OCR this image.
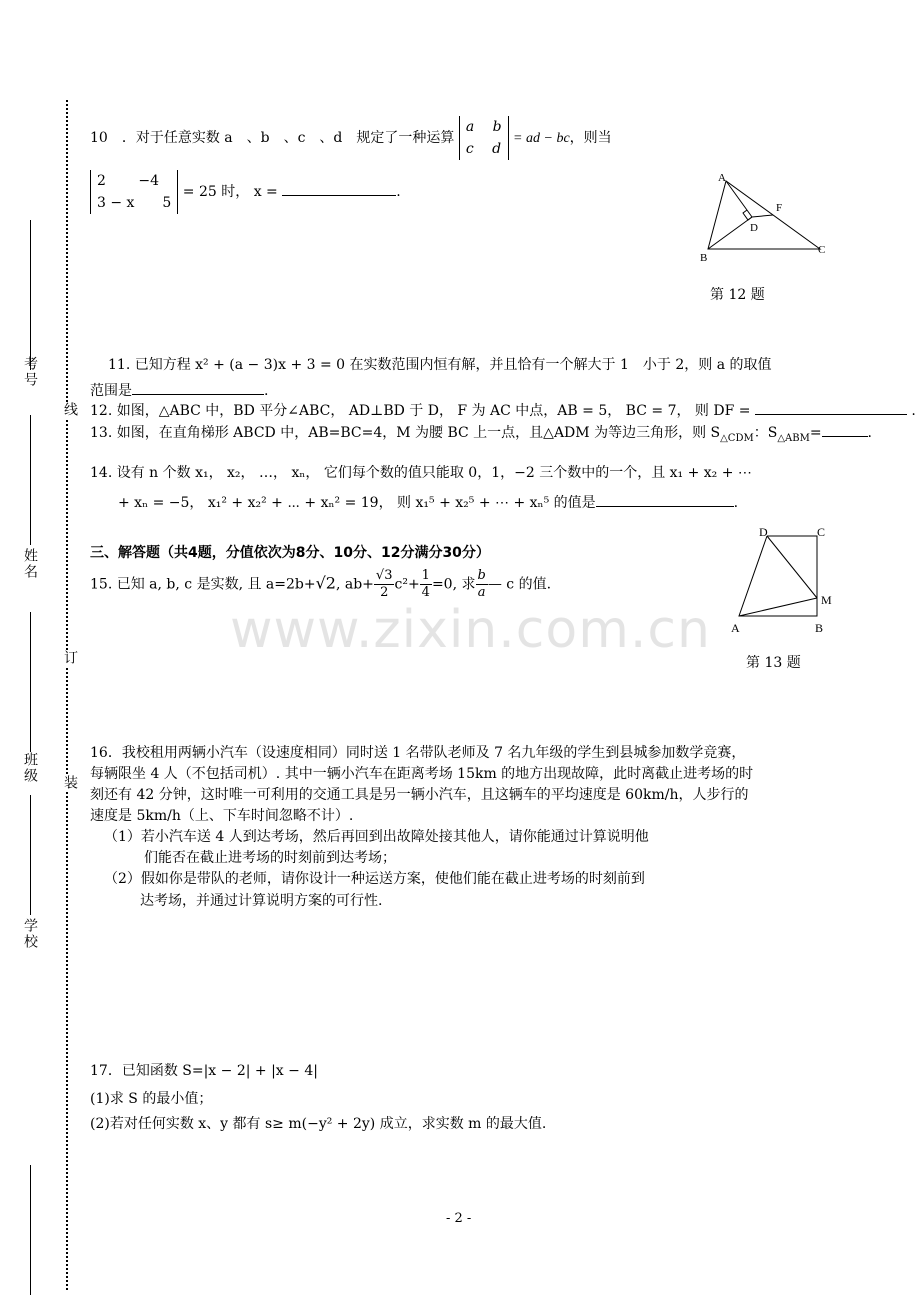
考号
姓名
班级
学校
线
订
装
www.zixin.com.cn
10　．对于任意实数 a　、b　、c　、d　规定了一种运算
a　 b
c　 d
= ad − bc，则当
2　　 −4
3 − x　　5
= 25 时， x =	.
A
B
C
D
F
第 12 题
11. 已知方程 x² + (a − 3)x + 3 = 0 在实数范围内恒有解，并且恰有一个解大于 1　小于 2，则 a 的取值
范围是	.
12. 如图，△ABC 中，BD 平分∠ABC， AD⊥BD 于 D， F 为 AC 中点，AB = 5， BC = 7， 则 DF =	.
13. 如图，在直角梯形 ABCD 中，AB=BC=4，M 为腰 BC 上一点，且△ADM 为等边三角形，则 $S_{\triangle CDM}$：$S_{\triangle ABM}=$	.
14. 设有 n 个数 x₁， x₂， …， xₙ， 它们每个数的值只能取 0，1，−2 三个数中的一个，且 x₁ + x₂ + ⋯
+ xₙ = −5， x₁² + x₂² + ⋯ + xₙ² = 19， 则 x₁⁵ + x₂⁵ + ⋯ + xₙ⁵ 的值是	.
三、解答题（共4题，分值依次为8分、10分、12分满分30分）
15. 已知 a, b, c 是实数, 且 a=2b+√2, $ab+ \frac{√3}{2} c^2+ \frac{1}{4} =0$, 求 $\frac{b}{a}$ — c 的值.
D	C
M
A	B
第 13 题
16．我校租用两辆小汽车（设速度相同）同时送 1 名带队老师及 7 名九年级的学生到县城参加数学竞赛，
每辆限坐 4 人（不包括司机）. 其中一辆小汽车在距离考场 15km 的地方出现故障，此时离截止进考场的时
刻还有 42 分钟，这时唯一可利用的交通工具是另一辆小汽车，且这辆车的平均速度是 60km/h，人步行的
速度是 5km/h（上、下车时间忽略不计）.
（1）若小汽车送 4 人到达考场，然后再回到出故障处接其他人，请你能通过计算说明他
们能否在截止进考场的时刻前到达考场；
（2）假如你是带队的老师，请你设计一种运送方案，使他们能在截止进考场的时刻前到
达考场，并通过计算说明方案的可行性.
17．已知函数 S=|x − 2| + |x − 4|
(1)求 S 的最小值；
(2)若对任何实数 x、y 都有 s≥ m(−y² + 2y) 成立，求实数 m 的最大值.
- 2 -
